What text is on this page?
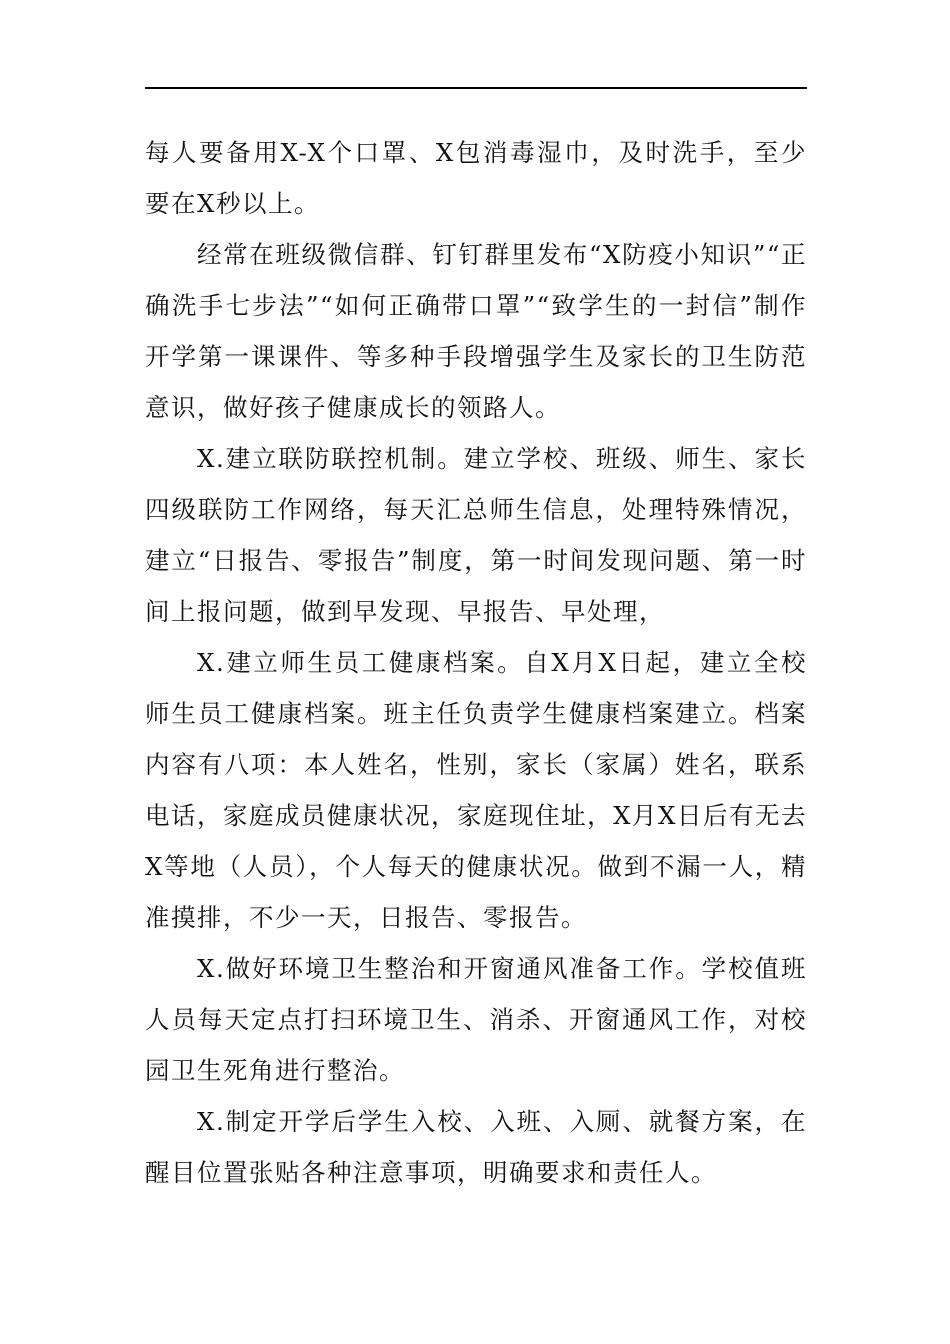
每人要备用X-X个口罩、X包消毒湿巾，及时洗手，至少要在X秒以上。

经常在班级微信群、钉钉群里发布“X防疫小知识”“正确洗手七步法”“如何正确带口罩”“致学生的一封信”制作开学第一课课件、等多种手段增强学生及家长的卫生防范意识，做好孩子健康成长的领路人。

X.建立联防联控机制。建立学校、班级、师生、家长四级联防工作网络，每天汇总师生信息，处理特殊情况，建立“日报告、零报告”制度，第一时间发现问题、第一时间上报问题，做到早发现、早报告、早处理，

X.建立师生员工健康档案。自X月X日起，建立全校师生员工健康档案。班主任负责学生健康档案建立。档案内容有八项：本人姓名，性别，家长（家属）姓名，联系电话，家庭成员健康状况，家庭现住址，X月X日后有无去X等地（人员），个人每天的健康状况。做到不漏一人，精准摸排，不少一天，日报告、零报告。

X.做好环境卫生整治和开窗通风准备工作。学校值班人员每天定点打扫环境卫生、消杀、开窗通风工作，对校园卫生死角进行整治。

X.制定开学后学生入校、入班、入厕、就餐方案，在醒目位置张贴各种注意事项，明确要求和责任人。
